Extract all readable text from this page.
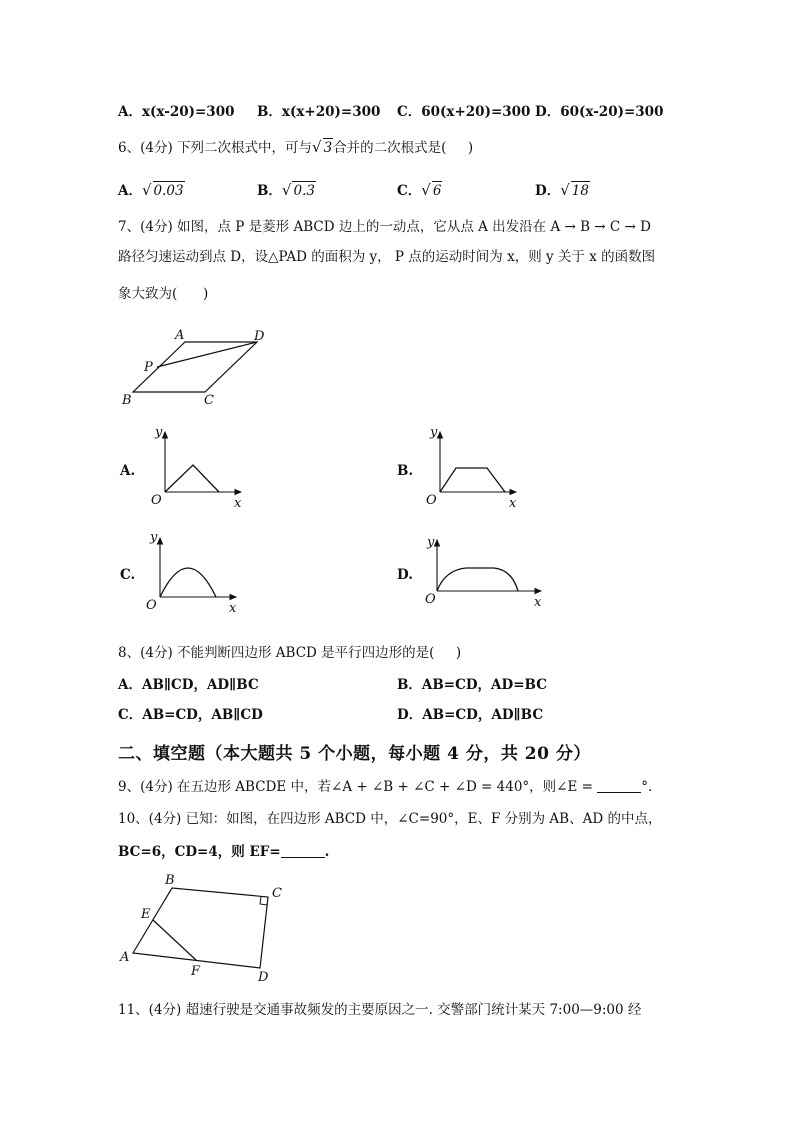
A．x(x-20)=300 B．x(x+20)=300 C．60(x+20)=300 D．60(x-20)=300
6、(4分) 下列二次根式中，可与√ 3合并的二次根式是(     )
A．√ 0.03	B．√ 0.3	C．√ 6	D．√ 18
7、(4分) 如图，点 P 是菱形 ABCD 边上的一动点，它从点 A 出发沿在 A → B → C → D
路径匀速运动到点 D，设△PAD 的面积为 y， P 点的运动时间为 x，则 y 关于 x 的函数图
象大致为(      )
A	D
P
B	C
A.	B.
C.	D.
y
O	x
y
O	x
y
O	x
y
O	x
8、(4分) 不能判断四边形 ABCD 是平行四边形的是(     )
A．AB∥CD，AD∥BC	B．AB=CD，AD=BC
C．AB=CD，AB∥CD	D．AB=CD，AD∥BC
二、填空题（本大题共 5 个小题，每小题 4 分，共 20 分）
9、(4分) 在五边形 ABCDE 中，若∠A + ∠B + ∠C + ∠D = 440°，则∠E =	°.
10、(4分) 已知：如图，在四边形 ABCD 中，∠C=90°，E、F 分别为 AB、AD 的中点，
BC=6，CD=4，则 EF=	.
B
C
E
A
F	D
11、(4分) 超速行驶是交通事故频发的主要原因之一. 交警部门统计某天 7:00—9:00 经
